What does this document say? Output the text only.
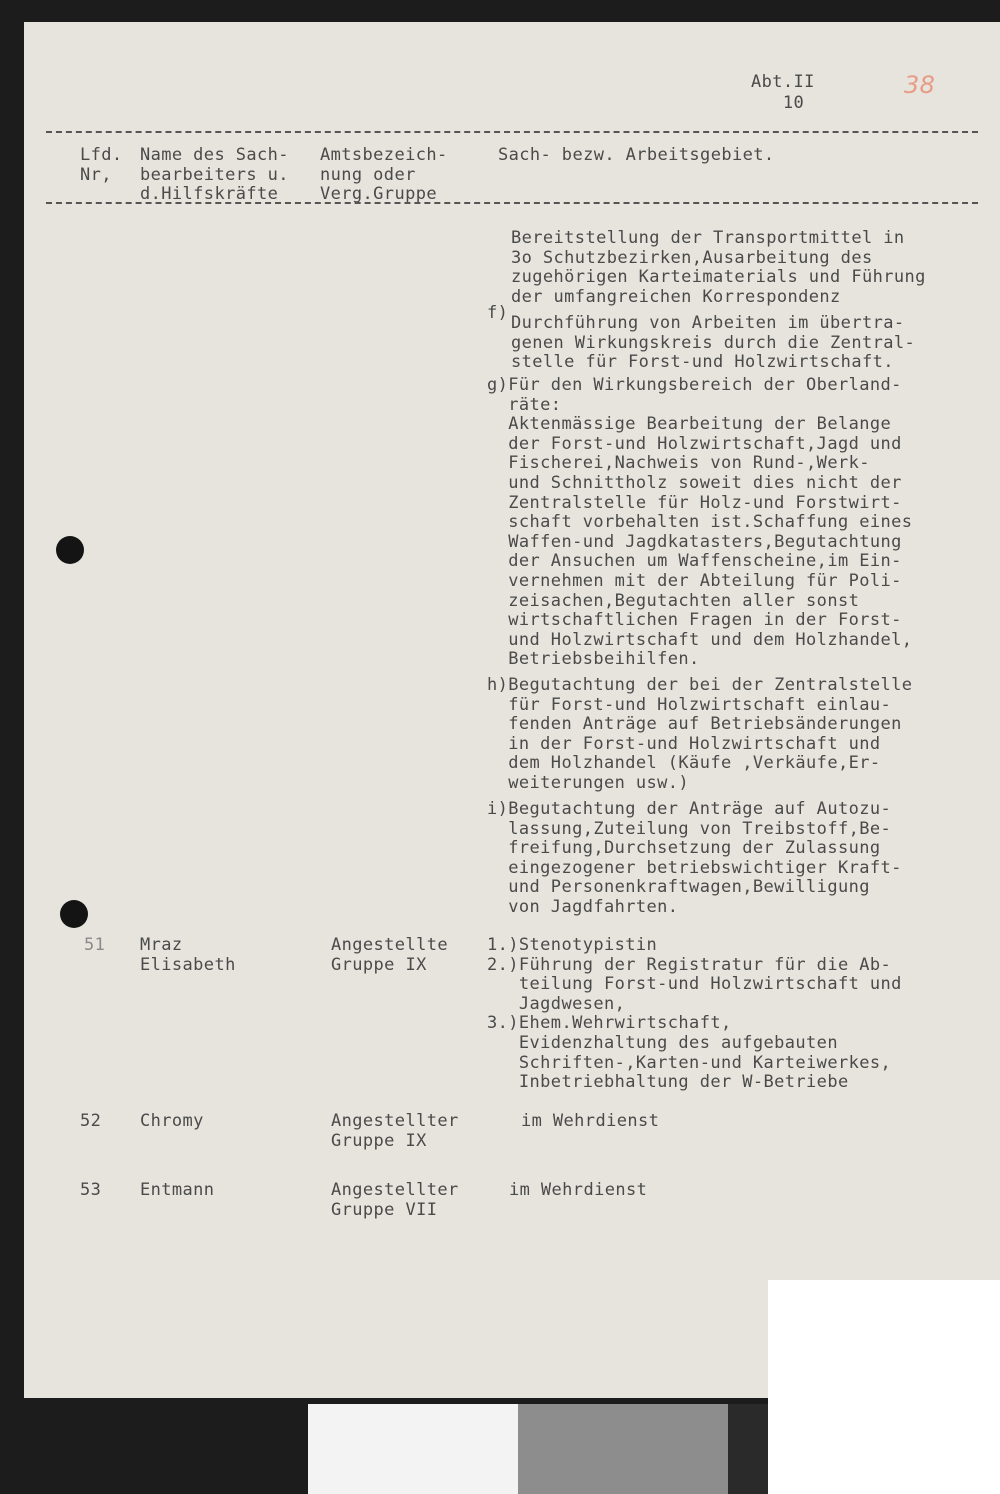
Abt.II
10
38
Lfd.
Nr,
Name des Sach-
bearbeiters u.
d.Hilfskräfte
Amtsbezeich-
nung oder
Verg.Gruppe
Sach- bezw. Arbeitsgebiet.
Bereitstellung der Transportmittel in
3o Schutzbezirken,Ausarbeitung des
zugehörigen Karteimaterials und Führung
der umfangreichen Korrespondenz
f) Durchführung von Arbeiten im übertra-
genen Wirkungskreis durch die Zentral-
stelle für Forst-und Holzwirtschaft.
g)Für den Wirkungsbereich der Oberland-
räte:
Aktenmässige Bearbeitung der Belange
der Forst-und Holzwirtschaft,Jagd und
Fischerei,Nachweis von Rund-,Werk-
und Schnittholz soweit dies nicht der
Zentralstelle für Holz-und Forstwirt-
schaft vorbehalten ist.Schaffung eines
Waffen-und Jagdkatasters,Begutachtung
der Ansuchen um Waffenscheine,im Ein-
vernehmen mit der Abteilung für Poli-
zeisachen,Begutachten aller sonst
wirtschaftlichen Fragen in der Forst-
und Holzwirtschaft und dem Holzhandel,
Betriebsbeihilfen.
h)Begutachtung der bei der Zentralstelle
für Forst-und Holzwirtschaft einlau-
fenden Anträge auf Betriebsänderungen
in der Forst-und Holzwirtschaft und
dem Holzhandel (Käufe ,Verkäufe,Er-
weiterungen usw.)
i)Begutachtung der Anträge auf Autozu-
lassung,Zuteilung von Treibstoff,Be-
freifung,Durchsetzung der Zulassung
eingezogener betriebswichtiger Kraft-
und Personenkraftwagen,Bewilligung
von Jagdfahrten.
51 Mraz
Elisabeth
Angestellte
Gruppe IX
1.)Stenotypistin
2.)Führung der Registratur für die Ab-
teilung Forst-und Holzwirtschaft und
Jagdwesen,
3.)Ehem.Wehrwirtschaft,
Evidenzhaltung des aufgebauten
Schriften-,Karten-und Karteiwerkes,
Inbetriebhaltung der W-Betriebe
52 Chromy	Angestellter
Gruppe IX
im Wehrdienst
53 Entmann	Angestellter
Gruppe VII
im Wehrdienst
